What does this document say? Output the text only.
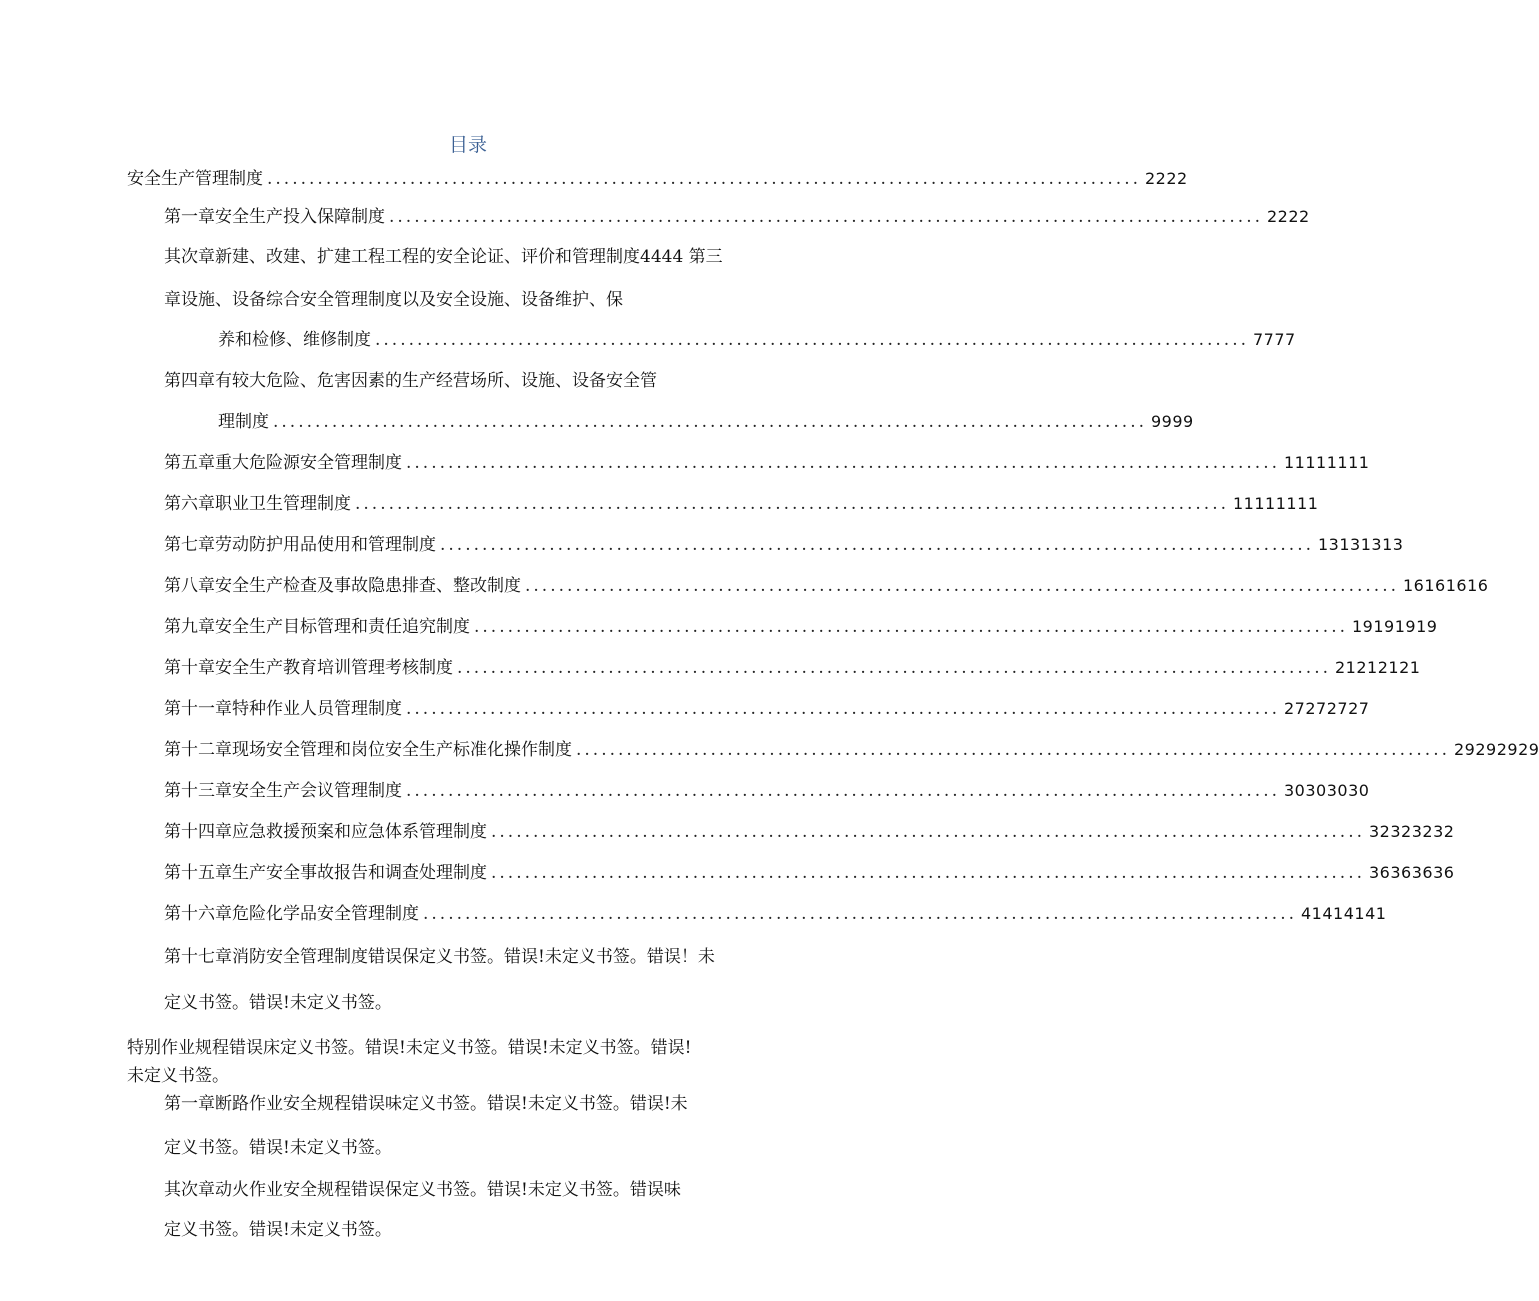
目录
安全生产管理制度 ........................................................................................................ 2222
第一章安全生产投入保障制度 ........................................................................................................ 2222
其次章新建、改建、扩建工程工程的安全论证、评价和管理制度4444 第三
章设施、设备综合安全管理制度以及安全设施、设备维护、保
养和检修、维修制度 ........................................................................................................ 7777
第四章有较大危险、危害因素的生产经营场所、设施、设备安全管
理制度 ........................................................................................................ 9999
第五章重大危险源安全管理制度 ........................................................................................................ 11111111
第六章职业卫生管理制度 ........................................................................................................ 11111111
第七章劳动防护用品使用和管理制度 ........................................................................................................ 13131313
第八章安全生产检查及事故隐患排查、整改制度 ........................................................................................................ 16161616
第九章安全生产目标管理和责任追究制度 ........................................................................................................ 19191919
第十章安全生产教育培训管理考核制度 ........................................................................................................ 21212121
第十一章特种作业人员管理制度 ........................................................................................................ 27272727
第十二章现场安全管理和岗位安全生产标准化操作制度 ........................................................................................................ 29292929
第十三章安全生产会议管理制度 ........................................................................................................ 30303030
第十四章应急救援预案和应急体系管理制度 ........................................................................................................ 32323232
第十五章生产安全事故报告和调查处理制度 ........................................................................................................ 36363636
第十六章危险化学品安全管理制度 ........................................................................................................ 41414141
第十七章消防安全管理制度错误保定义书签。错误!未定义书签。错误！未
定义书签。错误!未定义书签。
特别作业规程错误床定义书签。错误!未定义书签。错误!未定义书签。错误!
未定义书签。
第一章断路作业安全规程错误味定义书签。错误!未定义书签。错误!未
定义书签。错误!未定义书签。
其次章动火作业安全规程错误保定义书签。错误!未定义书签。错误味
定义书签。错误!未定义书签。
